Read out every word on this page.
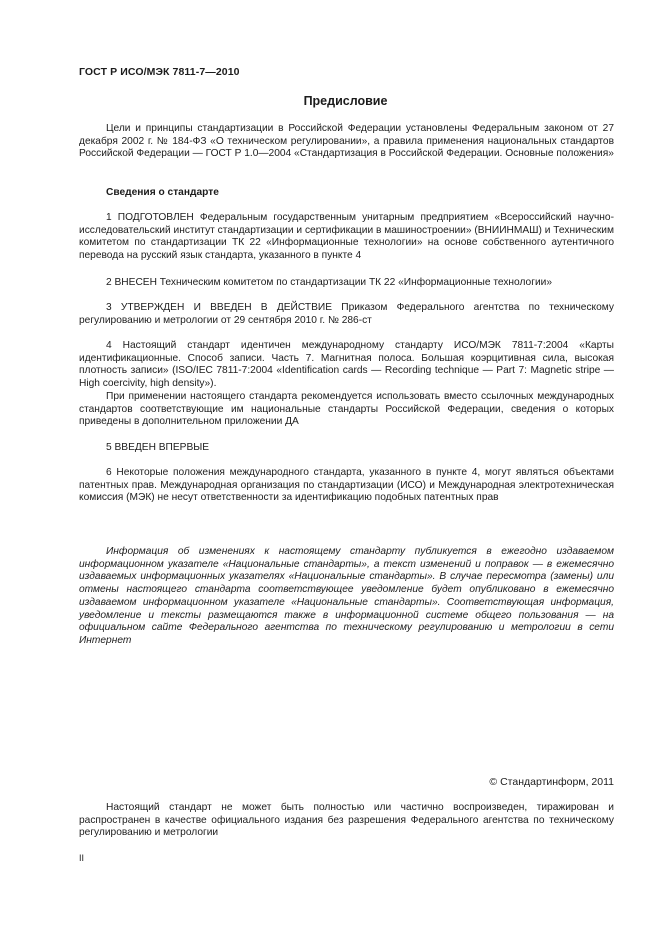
ГОСТ Р ИСО/МЭК 7811-7—2010
Предисловие
Цели и принципы стандартизации в Российской Федерации установлены Федеральным законом от 27 декабря 2002 г. № 184-ФЗ «О техническом регулировании», а правила применения национальных стандартов Российской Федерации — ГОСТ Р 1.0—2004 «Стандартизация в Российской Федерации. Основные положения»
Сведения о стандарте
1 ПОДГОТОВЛЕН Федеральным государственным унитарным предприятием «Всероссийский научно-исследовательский институт стандартизации и сертификации в машиностроении» (ВНИИНМАШ) и Техническим комитетом по стандартизации ТК 22 «Информационные технологии» на основе собственного аутентичного перевода на русский язык стандарта, указанного в пункте 4
2 ВНЕСЕН Техническим комитетом по стандартизации ТК 22 «Информационные технологии»
3 УТВЕРЖДЕН И ВВЕДЕН В ДЕЙСТВИЕ Приказом Федерального агентства по техническому регулированию и метрологии от 29 сентября 2010 г. № 286-ст
4 Настоящий стандарт идентичен международному стандарту ИСО/МЭК 7811-7:2004 «Карты идентификационные. Способ записи. Часть 7. Магнитная полоса. Большая коэрцитивная сила, высокая плотность записи» (ISO/IEC 7811-7:2004 «Identification cards — Recording technique — Part 7: Magnetic stripe — High coercivity, high density»).
При применении настоящего стандарта рекомендуется использовать вместо ссылочных международных стандартов соответствующие им национальные стандарты Российской Федерации, сведения о которых приведены в дополнительном приложении ДА
5 ВВЕДЕН ВПЕРВЫЕ
6 Некоторые положения международного стандарта, указанного в пункте 4, могут являться объектами патентных прав. Международная организация по стандартизации (ИСО) и Международная электротехническая комиссия (МЭК) не несут ответственности за идентификацию подобных патентных прав
Информация об изменениях к настоящему стандарту публикуется в ежегодно издаваемом информационном указателе «Национальные стандарты», а текст изменений и поправок — в ежемесячно издаваемых информационных указателях «Национальные стандарты». В случае пересмотра (замены) или отмены настоящего стандарта соответствующее уведомление будет опубликовано в ежемесячно издаваемом информационном указателе «Национальные стандарты». Соответствующая информация, уведомление и тексты размещаются также в информационной системе общего пользования — на официальном сайте Федерального агентства по техническому регулированию и метрологии в сети Интернет
© Стандартинформ, 2011
Настоящий стандарт не может быть полностью или частично воспроизведен, тиражирован и распространен в качестве официального издания без разрешения Федерального агентства по техническому регулированию и метрологии
II
